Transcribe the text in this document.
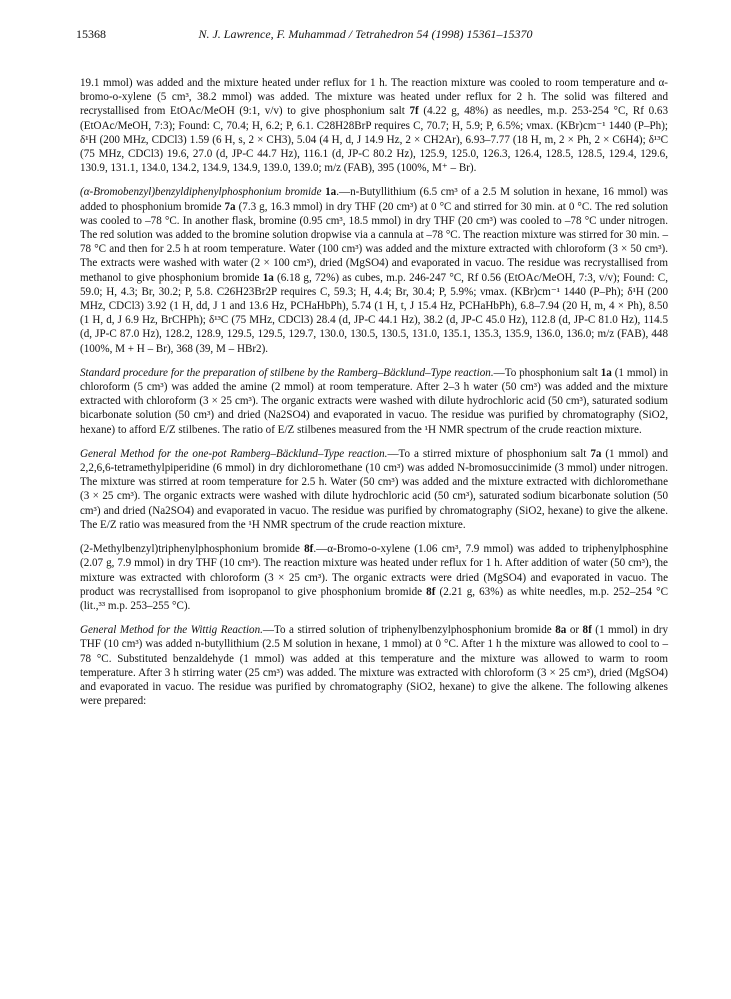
15368	N. J. Lawrence, F. Muhammad / Tetrahedron 54 (1998) 15361–15370

19.1 mmol) was added and the mixture heated under reflux for 1 h. The reaction mixture was cooled to room temperature and α-bromo-o-xylene (5 cm³, 38.2 mmol) was added. The mixture was heated under reflux for 2 h. The solid was filtered and recrystallised from EtOAc/MeOH (9:1, v/v) to give phosphonium salt 7f (4.22 g, 48%) as needles, m.p. 253-254 °C, Rf 0.63 (EtOAc/MeOH, 7:3); Found: C, 70.4; H, 6.2; P, 6.1. C28H28BrP requires C, 70.7; H, 5.9; P, 6.5%; νmax. (KBr)cm⁻¹ 1440 (P–Ph); δ¹H (200 MHz, CDCl3) 1.59 (6 H, s, 2 × CH3), 5.04 (4 H, d, J 14.9 Hz, 2 × CH2Ar), 6.93–7.77 (18 H, m, 2 × Ph, 2 × C6H4); δ¹³C (75 MHz, CDCl3) 19.6, 27.0 (d, JP-C 44.7 Hz), 116.1 (d, JP-C 80.2 Hz), 125.9, 125.0, 126.3, 126.4, 128.5, 128.5, 129.4, 129.6, 130.9, 131.1, 134.0, 134.2, 134.9, 134.9, 139.0, 139.0; m/z (FAB), 395 (100%, M⁺ – Br).

(α-Bromobenzyl)benzyldiphenylphosphonium bromide 1a.—n-Butyllithium (6.5 cm³ of a 2.5 M solution in hexane, 16 mmol) was added to phosphonium bromide 7a (7.3 g, 16.3 mmol) in dry THF (20 cm³) at 0 °C and stirred for 30 min. at 0 °C. The red solution was cooled to –78 °C. In another flask, bromine (0.95 cm³, 18.5 mmol) in dry THF (20 cm³) was cooled to –78 °C under nitrogen. The red solution was added to the bromine solution dropwise via a cannula at –78 °C. The reaction mixture was stirred for 30 min. –78 °C and then for 2.5 h at room temperature. Water (100 cm³) was added and the mixture extracted with chloroform (3 × 50 cm³). The extracts were washed with water (2 × 100 cm³), dried (MgSO4) and evaporated in vacuo. The residue was recrystallised from methanol to give phosphonium bromide 1a (6.18 g, 72%) as cubes, m.p. 246-247 °C, Rf 0.56 (EtOAc/MeOH, 7:3, v/v); Found: C, 59.0; H, 4.3; Br, 30.2; P, 5.8. C26H23Br2P requires C, 59.3; H, 4.4; Br, 30.4; P, 5.9%; νmax. (KBr)cm⁻¹ 1440 (P–Ph); δ¹H (200 MHz, CDCl3) 3.92 (1 H, dd, J 1 and 13.6 Hz, PCHaHbPh), 5.74 (1 H, t, J 15.4 Hz, PCHaHbPh), 6.8–7.94 (20 H, m, 4 × Ph), 8.50 (1 H, d, J 6.9 Hz, BrCHPh); δ¹³C (75 MHz, CDCl3) 28.4 (d, JP-C 44.1 Hz), 38.2 (d, JP-C 45.0 Hz), 112.8 (d, JP-C 81.0 Hz), 114.5 (d, JP-C 87.0 Hz), 128.2, 128.9, 129.5, 129.5, 129.7, 130.0, 130.5, 130.5, 131.0, 135.1, 135.3, 135.9, 136.0, 136.0; m/z (FAB), 448 (100%, M + H – Br), 368 (39, M – HBr2).

Standard procedure for the preparation of stilbene by the Ramberg–Bäcklund–Type reaction.—To phosphonium salt 1a (1 mmol) in chloroform (5 cm³) was added the amine (2 mmol) at room temperature. After 2–3 h water (50 cm³) was added and the mixture extracted with chloroform (3 × 25 cm³). The organic extracts were washed with dilute hydrochloric acid (50 cm³), saturated sodium bicarbonate solution (50 cm³) and dried (Na2SO4) and evaporated in vacuo. The residue was purified by chromatography (SiO2, hexane) to afford E/Z stilbenes. The ratio of E/Z stilbenes measured from the ¹H NMR spectrum of the crude reaction mixture.

General Method for the one-pot Ramberg–Bäcklund–Type reaction.—To a stirred mixture of phosphonium salt 7a (1 mmol) and 2,2,6,6-tetramethylpiperidine (6 mmol) in dry dichloromethane (10 cm³) was added N-bromosuccinimide (3 mmol) under nitrogen. The mixture was stirred at room temperature for 2.5 h. Water (50 cm³) was added and the mixture extracted with dichloromethane (3 × 25 cm³). The organic extracts were washed with dilute hydrochloric acid (50 cm³), saturated sodium bicarbonate solution (50 cm³) and dried (Na2SO4) and evaporated in vacuo. The residue was purified by chromatography (SiO2, hexane) to give the alkene. The E/Z ratio was measured from the ¹H NMR spectrum of the crude reaction mixture.

(2-Methylbenzyl)triphenylphosphonium bromide 8f.—α-Bromo-o-xylene (1.06 cm³, 7.9 mmol) was added to triphenylphosphine (2.07 g, 7.9 mmol) in dry THF (10 cm³). The reaction mixture was heated under reflux for 1 h. After addition of water (50 cm³), the mixture was extracted with chloroform (3 × 25 cm³). The organic extracts were dried (MgSO4) and evaporated in vacuo. The product was recrystallised from isopropanol to give phosphonium bromide 8f (2.21 g, 63%) as white needles, m.p. 252–254 °C (lit.,³³ m.p. 253–255 °C).

General Method for the Wittig Reaction.—To a stirred solution of triphenylbenzylphosphonium bromide 8a or 8f (1 mmol) in dry THF (10 cm³) was added n-butyllithium (2.5 M solution in hexane, 1 mmol) at 0 °C. After 1 h the mixture was allowed to cool to –78 °C. Substituted benzaldehyde (1 mmol) was added at this temperature and the mixture was allowed to warm to room temperature. After 3 h stirring water (25 cm³) was added. The mixture was extracted with chloroform (3 × 25 cm³), dried (MgSO4) and evaporated in vacuo. The residue was purified by chromatography (SiO2, hexane) to give the alkene. The following alkenes were prepared:
